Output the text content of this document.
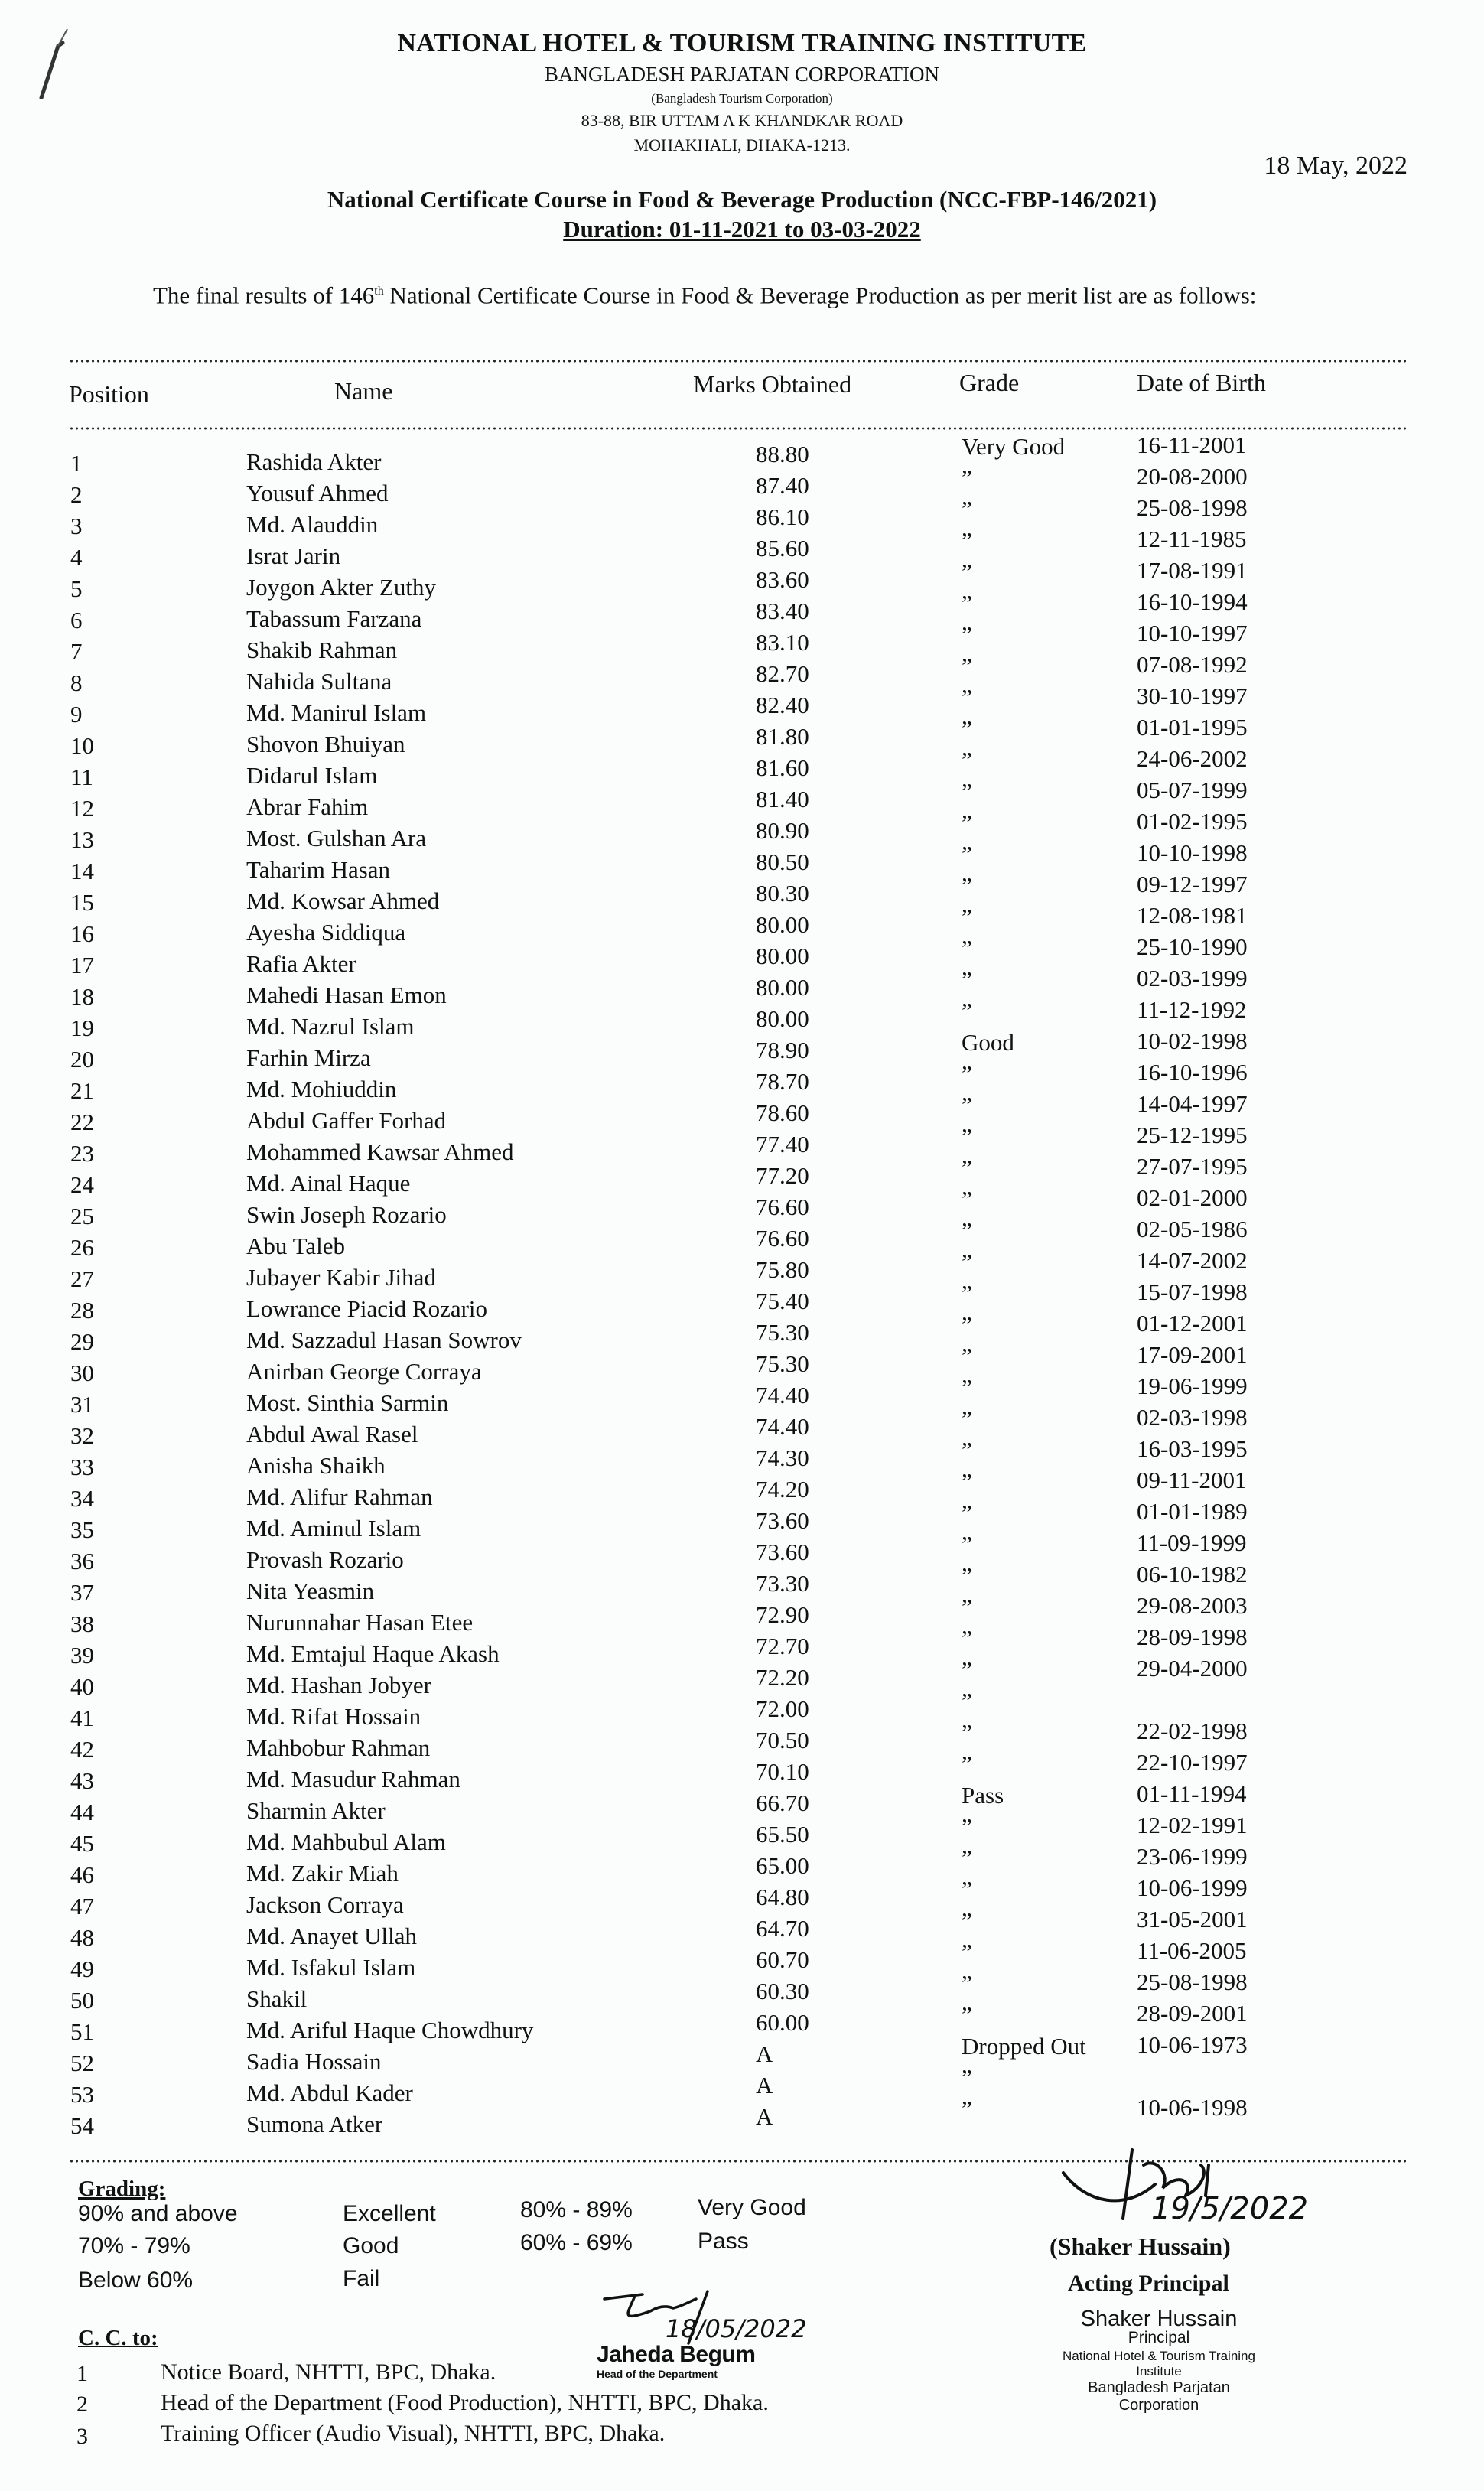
NATIONAL HOTEL & TOURISM TRAINING INSTITUTE
BANGLADESH PARJATAN CORPORATION
(Bangladesh Tourism Corporation)
83-88, BIR UTTAM A K KHANDKAR ROAD
MOHAKHALI, DHAKA-1213.
18 May, 2022
National Certificate Course in Food & Beverage Production (NCC-FBP-146/2021)
Duration: 01-11-2021 to 03-03-2022
The final results of 146th National Certificate Course in Food & Beverage Production as per merit list are as follows:
Position	Name	Marks Obtained	Grade	Date of Birth
1	Rashida Akter	88.80	Very Good	16-11-2001
2	Yousuf Ahmed	87.40	”	20-08-2000
3	Md. Alauddin	86.10	”	25-08-1998
4	Israt Jarin	85.60	”	12-11-1985
5	Joygon Akter Zuthy	83.60	”	17-08-1991
6	Tabassum Farzana	83.40	”	16-10-1994
7	Shakib Rahman	83.10	”	10-10-1997
8	Nahida Sultana	82.70	”	07-08-1992
9	Md. Manirul Islam	82.40	”	30-10-1997
10	Shovon Bhuiyan	81.80	”	01-01-1995
11	Didarul Islam	81.60	”	24-06-2002
12	Abrar Fahim	81.40	”	05-07-1999
13	Most. Gulshan Ara	80.90	”	01-02-1995
14	Taharim Hasan	80.50	”	10-10-1998
15	Md. Kowsar Ahmed	80.30	”	09-12-1997
16	Ayesha Siddiqua	80.00	”	12-08-1981
17	Rafia Akter	80.00	”	25-10-1990
18	Mahedi Hasan Emon	80.00	”	02-03-1999
19	Md. Nazrul Islam	80.00	”	11-12-1992
20	Farhin Mirza	78.90	Good	10-02-1998
21	Md. Mohiuddin	78.70	”	16-10-1996
22	Abdul Gaffer Forhad	78.60	”	14-04-1997
23	Mohammed Kawsar Ahmed	77.40	”	25-12-1995
24	Md. Ainal Haque	77.20	”	27-07-1995
25	Swin Joseph Rozario	76.60	”	02-01-2000
26	Abu Taleb	76.60	”	02-05-1986
27	Jubayer Kabir Jihad	75.80	”	14-07-2002
28	Lowrance Piacid Rozario	75.40	”	15-07-1998
29	Md. Sazzadul Hasan Sowrov	75.30	”	01-12-2001
30	Anirban George Corraya	75.30	”	17-09-2001
31	Most. Sinthia Sarmin	74.40	”	19-06-1999
32	Abdul Awal Rasel	74.40	”	02-03-1998
33	Anisha Shaikh	74.30	”	16-03-1995
34	Md. Alifur Rahman	74.20	”	09-11-2001
35	Md. Aminul Islam	73.60	”	01-01-1989
36	Provash Rozario	73.60	”	11-09-1999
37	Nita Yeasmin	73.30	”	06-10-1982
38	Nurunnahar Hasan Etee	72.90	”	29-08-2003
39	Md. Emtajul Haque Akash	72.70	”	28-09-1998
40	Md. Hashan Jobyer	72.20	”	29-04-2000
41	Md. Rifat Hossain	72.00	”
42	Mahbobur Rahman	70.50	”	22-02-1998
43	Md. Masudur Rahman	70.10	”	22-10-1997
44	Sharmin Akter	66.70	Pass	01-11-1994
45	Md. Mahbubul Alam	65.50	”	12-02-1991
46	Md. Zakir Miah	65.00	”	23-06-1999
47	Jackson Corraya	64.80	”	10-06-1999
48	Md. Anayet Ullah	64.70	”	31-05-2001
49	Md. Isfakul Islam	60.70	”	11-06-2005
50	Shakil	60.30	”	25-08-1998
51	Md. Ariful Haque Chowdhury	60.00	”	28-09-2001
52	Sadia Hossain	A	Dropped Out 10-06-1973
53	Md. Abdul Kader	A	”
54	Sumona Atker	A	”	10-06-1998
Grading:
90% and above	Excellent	80% - 89%	Very Good
70% - 79%	Good	60% - 69%	Pass
Below 60%	Fail
19/5/2022
(Shaker Hussain)
Acting Principal
Shaker Hussain
Principal
National Hotel & Tourism Training Institute
Bangladesh Parjatan Corporation
18/05/2022
Jaheda Begum
Head of the Department
C. C. to:
1	Notice Board, NHTTI, BPC, Dhaka.
2	Head of the Department (Food Production), NHTTI, BPC, Dhaka.
3	Training Officer (Audio Visual), NHTTI, BPC, Dhaka.
